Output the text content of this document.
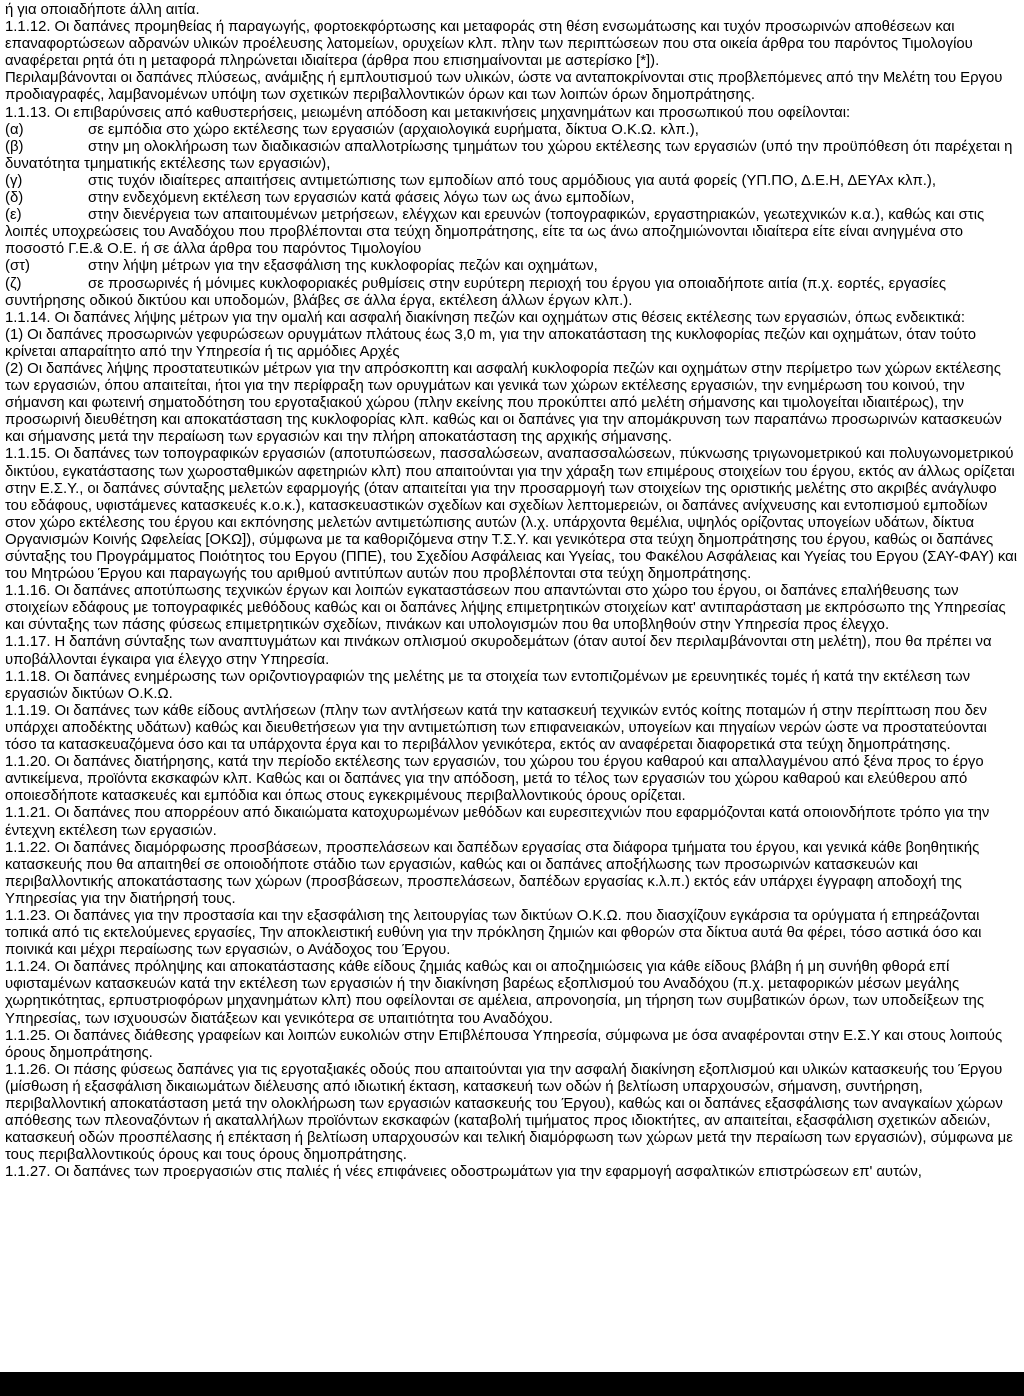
ή για οποιαδήποτε άλλη αιτία.

1.1.12. Οι δαπάνες προμηθείας ή παραγωγής, φορτοεκφόρτωσης και μεταφοράς στη θέση ενσωμάτωσης και τυχόν προσωρινών αποθέσεων και επαναφορτώσεων αδρανών υλικών προέλευσης λατομείων, ορυχείων κλπ. πλην των περιπτώσεων που στα οικεία άρθρα του παρόντος Τιμολογίου αναφέρεται ρητά ότι η μεταφορά πληρώνεται ιδιαίτερα (άρθρα που επισημαίνονται με αστερίσκο [*]).

Περιλαμβάνονται οι δαπάνες πλύσεως, ανάμιξης ή εμπλουτισμού των υλικών, ώστε να ανταποκρίνονται στις προβλεπόμενες από την Μελέτη του Εργου προδιαγραφές, λαμβανομένων υπόψη των σχετικών περιβαλλοντικών όρων και των λοιπών όρων δημοπράτησης.

1.1.13. Οι επιβαρύνσεις από καθυστερήσεις, μειωμένη απόδοση και μετακινήσεις μηχανημάτων και προσωπικού που οφείλονται:

(α)	σε εμπόδια στο χώρο εκτέλεσης των εργασιών (αρχαιολογικά ευρήματα, δίκτυα Ο.Κ.Ω. κλπ.),

(β)	στην μη ολοκλήρωση των διαδικασιών απαλλοτρίωσης τμημάτων του χώρου εκτέλεσης των εργασιών (υπό την προϋπόθεση ότι παρέχεται η δυνατότητα τμηματικής εκτέλεσης των εργασιών),

(γ)	στις τυχόν ιδιαίτερες απαιτήσεις αντιμετώπισης των εμποδίων από τους αρμόδιους για αυτά φορείς (ΥΠ.ΠΟ, Δ.Ε.Η, ΔΕΥΑx κλπ.),

(δ)	στην ενδεχόμενη εκτέλεση των εργασιών κατά φάσεις λόγω των ως άνω εμποδίων,

(ε)	στην διενέργεια των απαιτουμένων μετρήσεων, ελέγχων και ερευνών (τοπογραφικών, εργαστηριακών, γεωτεχνικών κ.α.), καθώς και στις λοιπές υποχρεώσεις του Αναδόχου που προβλέπονται στα τεύχη δημοπράτησης, είτε τα ως άνω αποζημιώνονται ιδιαίτερα είτε είναι ανηγμένα στο ποσοστό Γ.Ε.& Ο.Ε. ή σε άλλα άρθρα του παρόντος Τιμολογίου

(στ)	στην λήψη μέτρων για την εξασφάλιση της κυκλοφορίας πεζών και οχημάτων,

(ζ)	σε προσωρινές ή μόνιμες κυκλοφοριακές ρυθμίσεις στην ευρύτερη περιοχή του έργου για οποιαδήποτε αιτία (π.χ. εορτές, εργασίες συντήρησης οδικού δικτύου και υποδομών, βλάβες σε άλλα έργα, εκτέλεση άλλων έργων κλπ.).

1.1.14. Οι δαπάνες λήψης μέτρων για την ομαλή και ασφαλή διακίνηση πεζών και οχημάτων στις θέσεις εκτέλεσης των εργασιών, όπως ενδεικτικά:

(1) Οι δαπάνες προσωρινών γεφυρώσεων ορυγμάτων πλάτους έως 3,0 m, για την αποκατάσταση της κυκλοφορίας πεζών και οχημάτων, όταν τούτο κρίνεται απαραίτητο από την Υπηρεσία ή τις αρμόδιες Αρχές

(2) Οι δαπάνες λήψης προστατευτικών μέτρων για την απρόσκοπτη και ασφαλή κυκλοφορία πεζών και οχημάτων στην περίμετρο των χώρων εκτέλεσης των εργασιών, όπου απαιτείται, ήτοι για την περίφραξη των ορυγμάτων και γενικά των χώρων εκτέλεσης εργασιών, την ενημέρωση του κοινού, την σήμανση και φωτεινή σηματοδότηση του εργοταξιακού χώρου (πλην εκείνης που προκύπτει από μελέτη σήμανσης και τιμολογείται ιδιαιτέρως), την προσωρινή διευθέτηση και αποκατάσταση της κυκλοφορίας κλπ. καθώς και οι δαπάνες για την απομάκρυνση των παραπάνω προσωρινών κατασκευών και σήμανσης μετά την περαίωση των εργασιών και την πλήρη αποκατάσταση της αρχικής σήμανσης.

1.1.15. Οι δαπάνες των τοπογραφικών εργασιών (αποτυπώσεων, πασσαλώσεων, αναπασσαλώσεων, πύκνωσης τριγωνομετρικού και πολυγωνομετρικού δικτύου, εγκατάστασης των χωροσταθμικών αφετηριών κλπ) που απαιτούνται για την χάραξη των επιμέρους στοιχείων του έργου, εκτός αν άλλως ορίζεται στην Ε.Σ.Υ., οι δαπάνες σύνταξης μελετών εφαρμογής (όταν απαιτείται για την προσαρμογή των στοιχείων της οριστικής μελέτης στο ακριβές ανάγλυφο του εδάφους, υφιστάμενες κατασκευές κ.ο.κ.), κατασκευαστικών σχεδίων και σχεδίων λεπτομερειών, οι δαπάνες ανίχνευσης και εντοπισμού εμποδίων στον χώρο εκτέλεσης του έργου και εκπόνησης μελετών αντιμετώπισης αυτών (λ.χ. υπάρχοντα θεμέλια, υψηλός ορίζοντας υπογείων υδάτων, δίκτυα Οργανισμών Κοινής Ωφελείας [ΟΚΩ]), σύμφωνα με τα καθοριζόμενα στην Τ.Σ.Υ. και γενικότερα στα τεύχη δημοπράτησης του έργου, καθώς οι δαπάνες σύνταξης του Προγράμματος Ποιότητος του Εργου (ΠΠΕ), του Σχεδίου Ασφάλειας και Υγείας, του Φακέλου Ασφάλειας και Υγείας του Εργου (ΣΑΥ-ΦΑΥ) και του Μητρώου Έργου και παραγωγής του αριθμού αντιτύπων αυτών που προβλέπονται στα τεύχη δημοπράτησης.

1.1.16. Οι δαπάνες αποτύπωσης τεχνικών έργων και λοιπών εγκαταστάσεων που απαντώνται στο χώρο του έργου, οι δαπάνες επαλήθευσης των στοιχείων εδάφους με τοπογραφικές μεθόδους καθώς και οι δαπάνες λήψης επιμετρητικών στοιχείων κατ' αντιπαράσταση με εκπρόσωπο της Υπηρεσίας και σύνταξης των πάσης φύσεως επιμετρητικών σχεδίων, πινάκων και υπολογισμών που θα υποβληθούν στην Υπηρεσία προς έλεγχο.

1.1.17. Η δαπάνη σύνταξης των αναπτυγμάτων και πινάκων οπλισμού σκυροδεμάτων (όταν αυτοί δεν περιλαμβάνονται στη μελέτη), που θα πρέπει να υποβάλλονται έγκαιρα για έλεγχο στην Υπηρεσία.

1.1.18. Οι δαπάνες ενημέρωσης των οριζοντιογραφιών της μελέτης με τα στοιχεία των εντοπιζομένων με ερευνητικές τομές ή κατά την εκτέλεση των εργασιών δικτύων Ο.Κ.Ω.

1.1.19. Οι δαπάνες των κάθε είδους αντλήσεων (πλην των αντλήσεων κατά την κατασκευή τεχνικών εντός κοίτης ποταμών ή στην περίπτωση που δεν υπάρχει αποδέκτης υδάτων) καθώς και διευθετήσεων για την αντιμετώπιση των επιφανειακών, υπογείων και πηγαίων νερών ώστε να προστατεύονται τόσο τα κατασκευαζόμενα όσο και τα υπάρχοντα έργα και το περιβάλλον γενικότερα, εκτός αν αναφέρεται διαφορετικά στα τεύχη δημοπράτησης.

1.1.20. Οι δαπάνες διατήρησης, κατά την περίοδο εκτέλεσης των εργασιών, του χώρου του έργου καθαρού και απαλλαγμένου από ξένα προς το έργο αντικείμενα, προϊόντα εκσκαφών κλπ. Καθώς και οι δαπάνες για την απόδοση, μετά το τέλος των εργασιών του χώρου καθαρού και ελεύθερου από οποιεσδήποτε κατασκευές και εμπόδια και όπως στους εγκεκριμένους περιβαλλοντικούς όρους ορίζεται.

1.1.21. Οι δαπάνες που απορρέουν από δικαιώματα κατοχυρωμένων μεθόδων και ευρεσιτεχνιών που εφαρμόζονται κατά οποιονδήποτε τρόπο για την έντεχνη εκτέλεση των εργασιών.

1.1.22. Οι δαπάνες διαμόρφωσης προσβάσεων, προσπελάσεων και δαπέδων εργασίας στα διάφορα τμήματα του έργου, και γενικά κάθε βοηθητικής κατασκευής που θα απαιτηθεί σε οποιοδήποτε στάδιο των εργασιών, καθώς και οι δαπάνες αποξήλωσης των προσωρινών κατασκευών και περιβαλλοντικής αποκατάστασης των χώρων (προσβάσεων, προσπελάσεων, δαπέδων εργασίας κ.λ.π.) εκτός εάν υπάρχει έγγραφη αποδοχή της Υπηρεσίας για την διατήρησή τους.

1.1.23. Οι δαπάνες για την προστασία και την εξασφάλιση της λειτουργίας των δικτύων Ο.Κ.Ω. που διασχίζουν εγκάρσια τα ορύγματα ή επηρεάζονται τοπικά από τις εκτελούμενες εργασίες, Την αποκλειστική ευθύνη για την πρόκληση ζημιών και φθορών στα δίκτυα αυτά θα φέρει, τόσο αστικά όσο και ποινικά και μέχρι περαίωσης των εργασιών, ο Ανάδοχος του Έργου.

1.1.24. Οι δαπάνες πρόληψης και αποκατάστασης κάθε είδους ζημιάς καθώς και οι αποζημιώσεις για κάθε είδους βλάβη ή μη συνήθη φθορά επί υφισταμένων κατασκευών κατά την εκτέλεση των εργασιών ή την διακίνηση βαρέως εξοπλισμού του Αναδόχου (π.χ. μεταφορικών μέσων μεγάλης χωρητικότητας, ερπυστριοφόρων μηχανημάτων κλπ) που οφείλονται σε αμέλεια, απρονοησία, μη τήρηση των συμβατικών όρων, των υποδείξεων της Υπηρεσίας, των ισχυουσών διατάξεων και γενικότερα σε υπαιτιότητα του Αναδόχου.

1.1.25. Οι δαπάνες διάθεσης γραφείων και λοιπών ευκολιών στην Επιβλέπουσα Υπηρεσία, σύμφωνα με όσα αναφέρονται στην Ε.Σ.Υ και στους λοιπούς όρους δημοπράτησης.

1.1.26. Οι πάσης φύσεως δαπάνες για τις εργοταξιακές οδούς που απαιτούνται για την ασφαλή διακίνηση εξοπλισμού και υλικών κατασκευής του Έργου (μίσθωση ή εξασφάλιση δικαιωμάτων διέλευσης από ιδιωτική έκταση, κατασκευή των οδών ή βελτίωση υπαρχουσών, σήμανση, συντήρηση, περιβαλλοντική αποκατάσταση μετά την ολοκλήρωση των εργασιών κατασκευής του Έργου), καθώς και οι δαπάνες εξασφάλισης των αναγκαίων χώρων απόθεσης των πλεοναζόντων ή ακαταλλήλων προϊόντων εκσκαφών (καταβολή τιμήματος προς ιδιοκτήτες, αν απαιτείται, εξασφάλιση σχετικών αδειών, κατασκευή οδών προσπέλασης ή επέκταση ή βελτίωση υπαρχουσών και τελική διαμόρφωση των χώρων μετά την περαίωση των εργασιών), σύμφωνα με τους περιβαλλοντικούς όρους και τους όρους δημοπράτησης.

1.1.27. Οι δαπάνες των προεργασιών στις παλιές ή νέες επιφάνειες οδοστρωμάτων για την εφαρμογή ασφαλτικών επιστρώσεων επ' αυτών,
